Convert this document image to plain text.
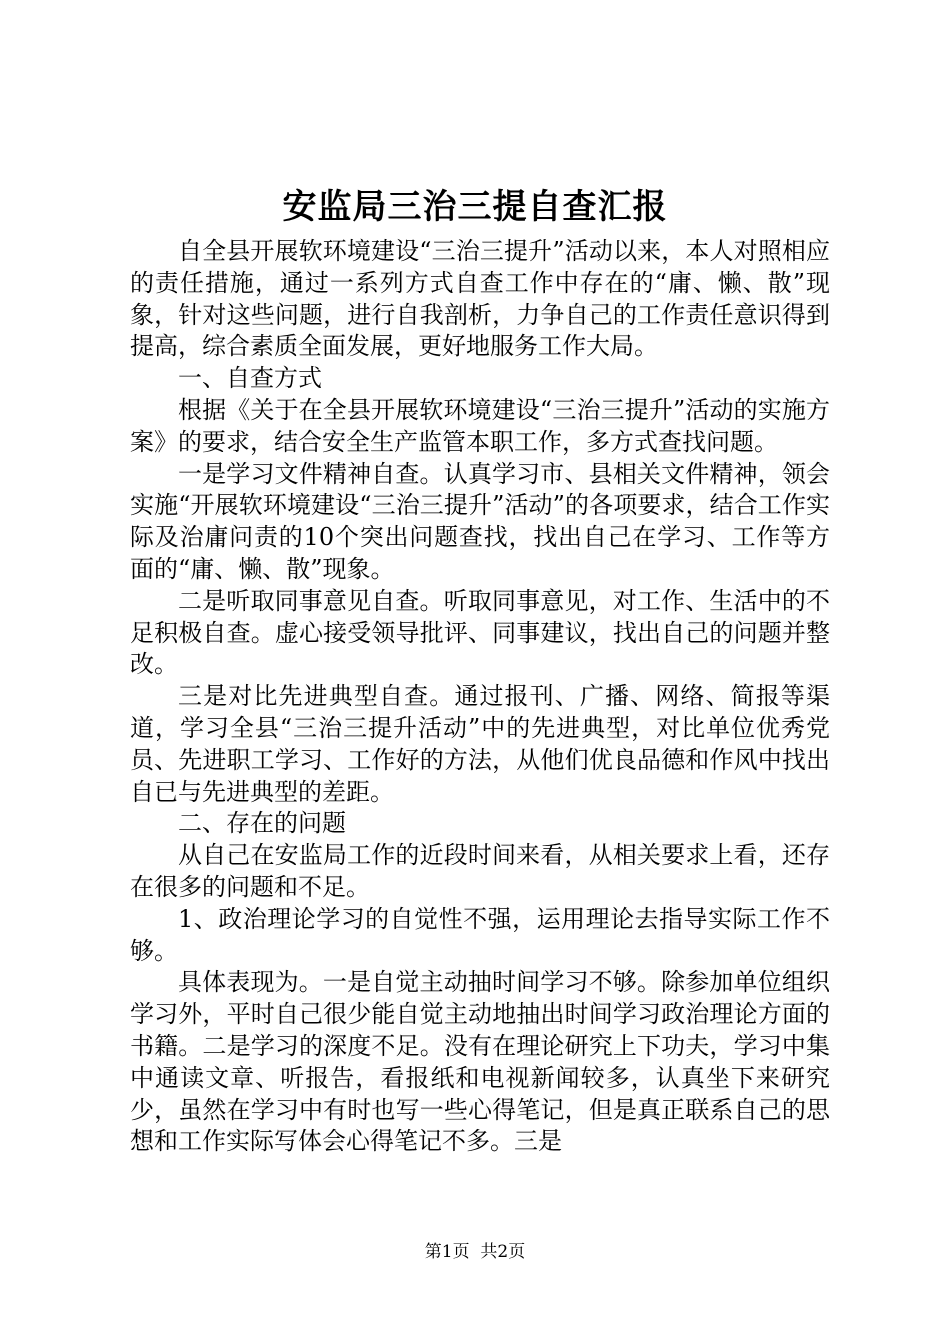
安监局三治三提自查汇报

自全县开展软环境建设“三治三提升”活动以来，本人对照相应的责任措施，通过一系列方式自查工作中存在的“庸、懒、散”现象，针对这些问题，进行自我剖析，力争自己的工作责任意识得到提高，综合素质全面发展，更好地服务工作大局。

一、自查方式

根据《关于在全县开展软环境建设“三治三提升”活动的实施方案》的要求，结合安全生产监管本职工作，多方式查找问题。

一是学习文件精神自查。认真学习市、县相关文件精神，领会实施“开展软环境建设“三治三提升”活动”的各项要求，结合工作实际及治庸问责的10个突出问题查找，找出自己在学习、工作等方面的“庸、懒、散”现象。

二是听取同事意见自查。听取同事意见，对工作、生活中的不足积极自查。虚心接受领导批评、同事建议，找出自己的问题并整改。

三是对比先进典型自查。通过报刊、广播、网络、简报等渠道，学习全县“三治三提升活动”中的先进典型，对比单位优秀党员、先进职工学习、工作好的方法，从他们优良品德和作风中找出自已与先进典型的差距。

二、存在的问题

从自己在安监局工作的近段时间来看，从相关要求上看，还存在很多的问题和不足。

1、政治理论学习的自觉性不强，运用理论去指导实际工作不够。

具体表现为。一是自觉主动抽时间学习不够。除参加单位组织学习外，平时自己很少能自觉主动地抽出时间学习政治理论方面的书籍。二是学习的深度不足。没有在理论研究上下功夫，学习中集中通读文章、听报告，看报纸和电视新闻较多，认真坐下来研究少，虽然在学习中有时也写一些心得笔记，但是真正联系自己的思想和工作实际写体会心得笔记不多。三是

第1页  共2页
